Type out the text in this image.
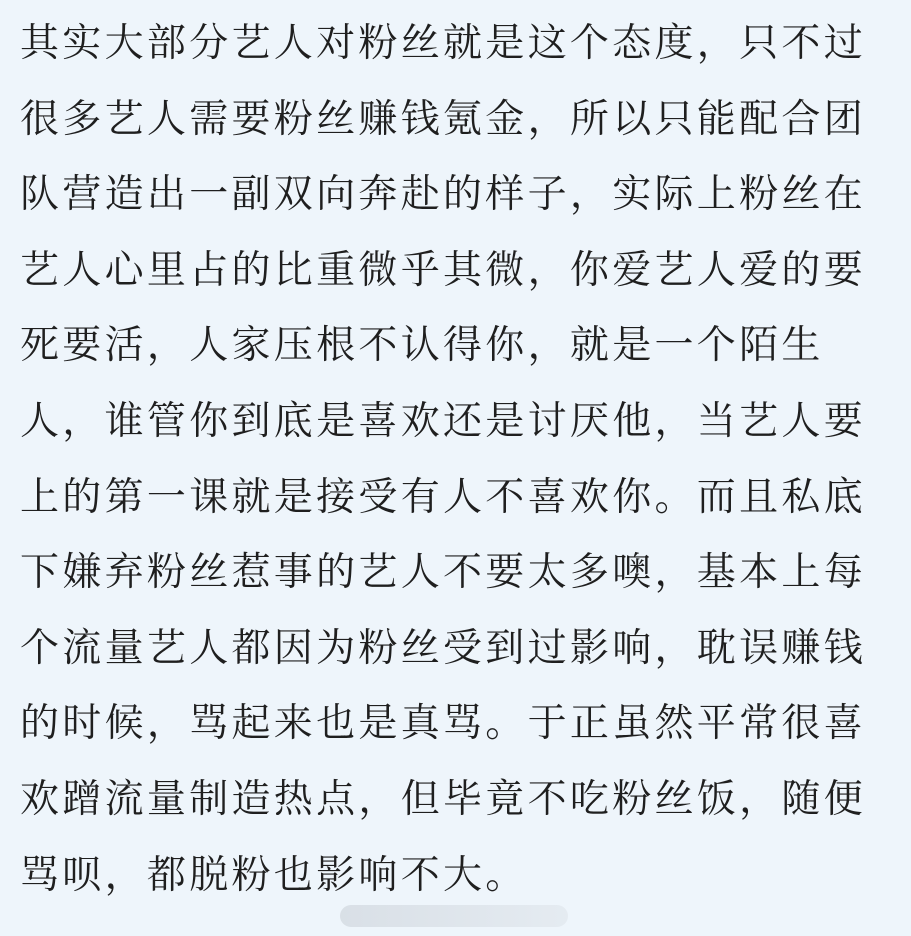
其实大部分艺人对粉丝就是这个态度，只不过
很多艺人需要粉丝赚钱氪金，所以只能配合团
队营造出一副双向奔赴的样子，实际上粉丝在
艺人心里占的比重微乎其微，你爱艺人爱的要
死要活，人家压根不认得你，就是一个陌生
人，谁管你到底是喜欢还是讨厌他，当艺人要
上的第一课就是接受有人不喜欢你。而且私底
下嫌弃粉丝惹事的艺人不要太多噢，基本上每
个流量艺人都因为粉丝受到过影响，耽误赚钱
的时候，骂起来也是真骂。于正虽然平常很喜
欢蹭流量制造热点，但毕竟不吃粉丝饭，随便
骂呗，都脱粉也影响不大。
